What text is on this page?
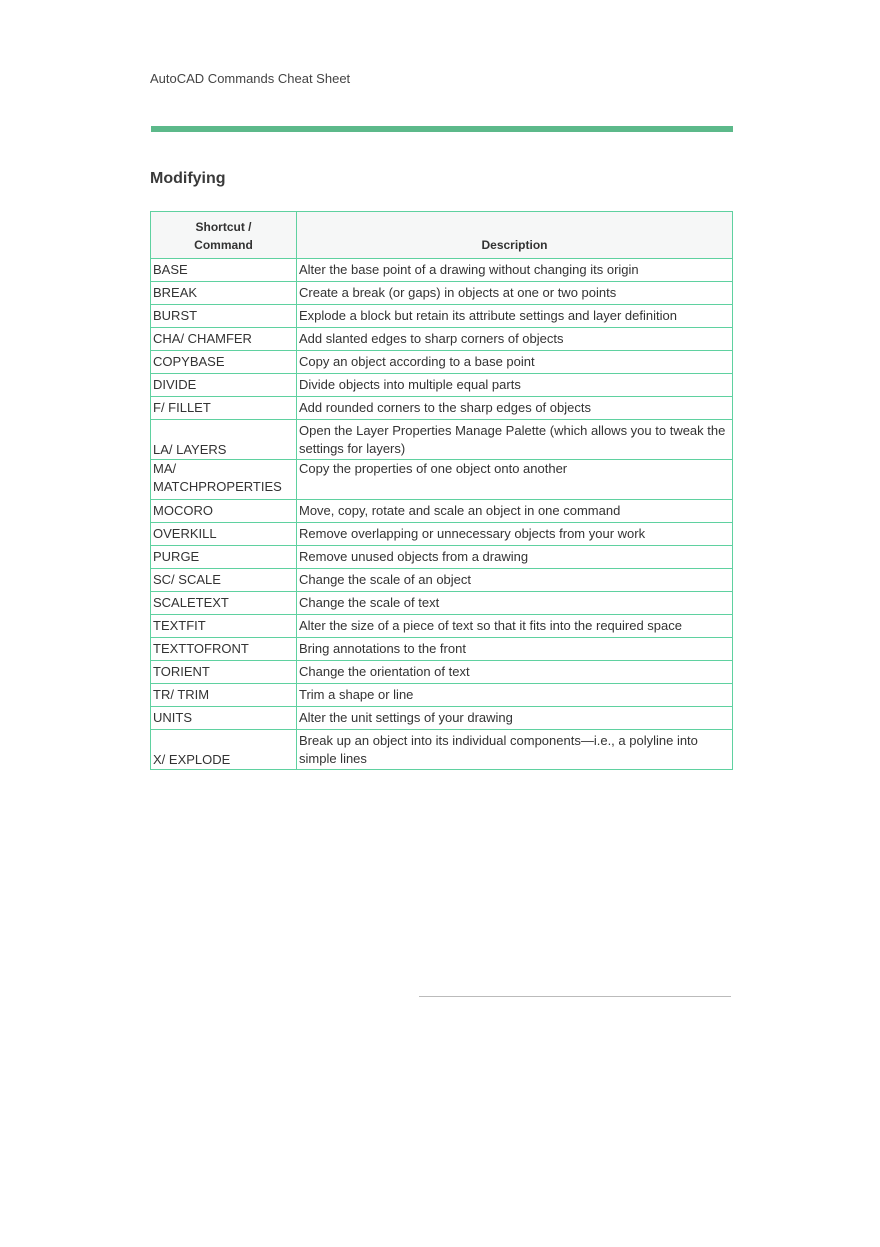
AutoCAD Commands Cheat Sheet
Modifying
Shortcut /
Command	Description
BASE	Alter the base point of a drawing without changing its origin
BREAK	Create a break (or gaps) in objects at one or two points
BURST	Explode a block but retain its attribute settings and layer definition
CHA/ CHAMFER	Add slanted edges to sharp corners of objects
COPYBASE	Copy an object according to a base point
DIVIDE	Divide objects into multiple equal parts
F/ FILLET	Add rounded corners to the sharp edges of objects
LA/ LAYERS	Open the Layer Properties Manage Palette (which allows you to tweak the settings for layers)
MA/ MATCHPROPERTIES	Copy the properties of one object onto another
MOCORO	Move, copy, rotate and scale an object in one command
OVERKILL	Remove overlapping or unnecessary objects from your work
PURGE	Remove unused objects from a drawing
SC/ SCALE	Change the scale of an object
SCALETEXT	Change the scale of text
TEXTFIT	Alter the size of a piece of text so that it fits into the required space
TEXTTOFRONT	Bring annotations to the front
TORIENT	Change the orientation of text
TR/ TRIM	Trim a shape or line
UNITS	Alter the unit settings of your drawing
X/ EXPLODE	Break up an object into its individual components—i.e., a polyline into simple lines
